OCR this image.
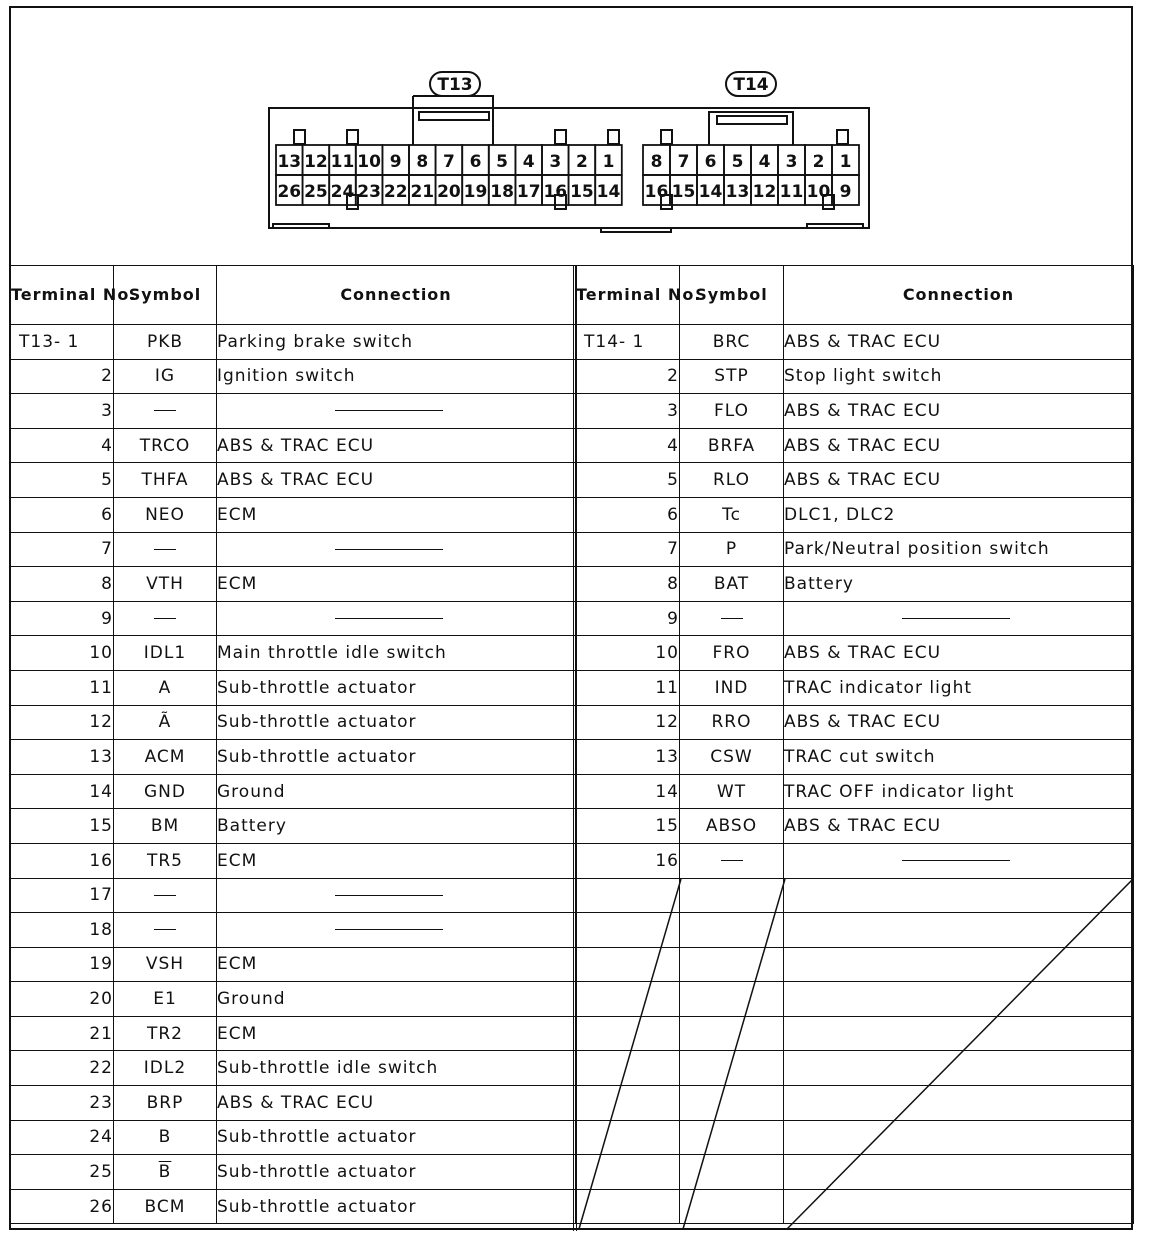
T13	T14
13 12 11 10 9 8 7 6 5 4 3 2 1
26 25 24 23 22 21 20 19 18 17 16 15 14
8 7 6 5 4 3 2 1
16 15 14 13 12 11 10 9
Terminal No.	Symbol	Connection
T13- 1	PKB	Parking brake switch
2	IG	Ignition switch
3		
4	TRCO	ABS & TRAC ECU
5	THFA	ABS & TRAC ECU
6	NEO	ECM
7		
8	VTH	ECM
9		
10	IDL1	Main throttle idle switch
11	A	Sub-throttle actuator
12	Ã	Sub-throttle actuator
13	ACM	Sub-throttle actuator
14	GND	Ground
15	BM	Battery
16	TR5	ECM
17		
18		
19	VSH	ECM
20	E1	Ground
21	TR2	ECM
22	IDL2	Sub-throttle idle switch
23	BRP	ABS & TRAC ECU
24	B	Sub-throttle actuator
25	$\overline{B}$	Sub-throttle actuator
26	BCM	Sub-throttle actuator
Terminal No.	Symbol	Connection
T14- 1	BRC	ABS & TRAC ECU
2	STP	Stop light switch
3	FLO	ABS & TRAC ECU
4	BRFA	ABS & TRAC ECU
5	RLO	ABS & TRAC ECU
6	Tc	DLC1, DLC2
7	P	Park/Neutral position switch
8	BAT	Battery
9		
10	FRO	ABS & TRAC ECU
11	IND	TRAC indicator light
12	RRO	ABS & TRAC ECU
13	CSW	TRAC cut switch
14	WT	TRAC OFF indicator light
15	ABSO	ABS & TRAC ECU
16		
